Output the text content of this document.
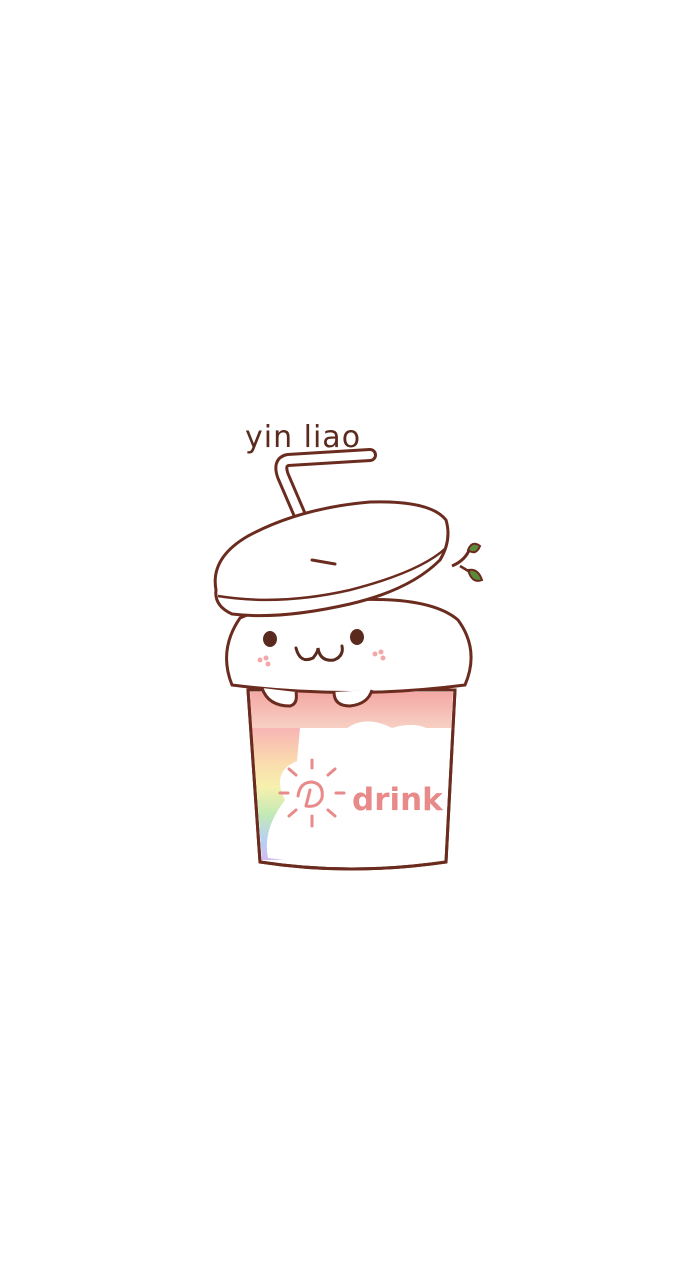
yin liao
drink
